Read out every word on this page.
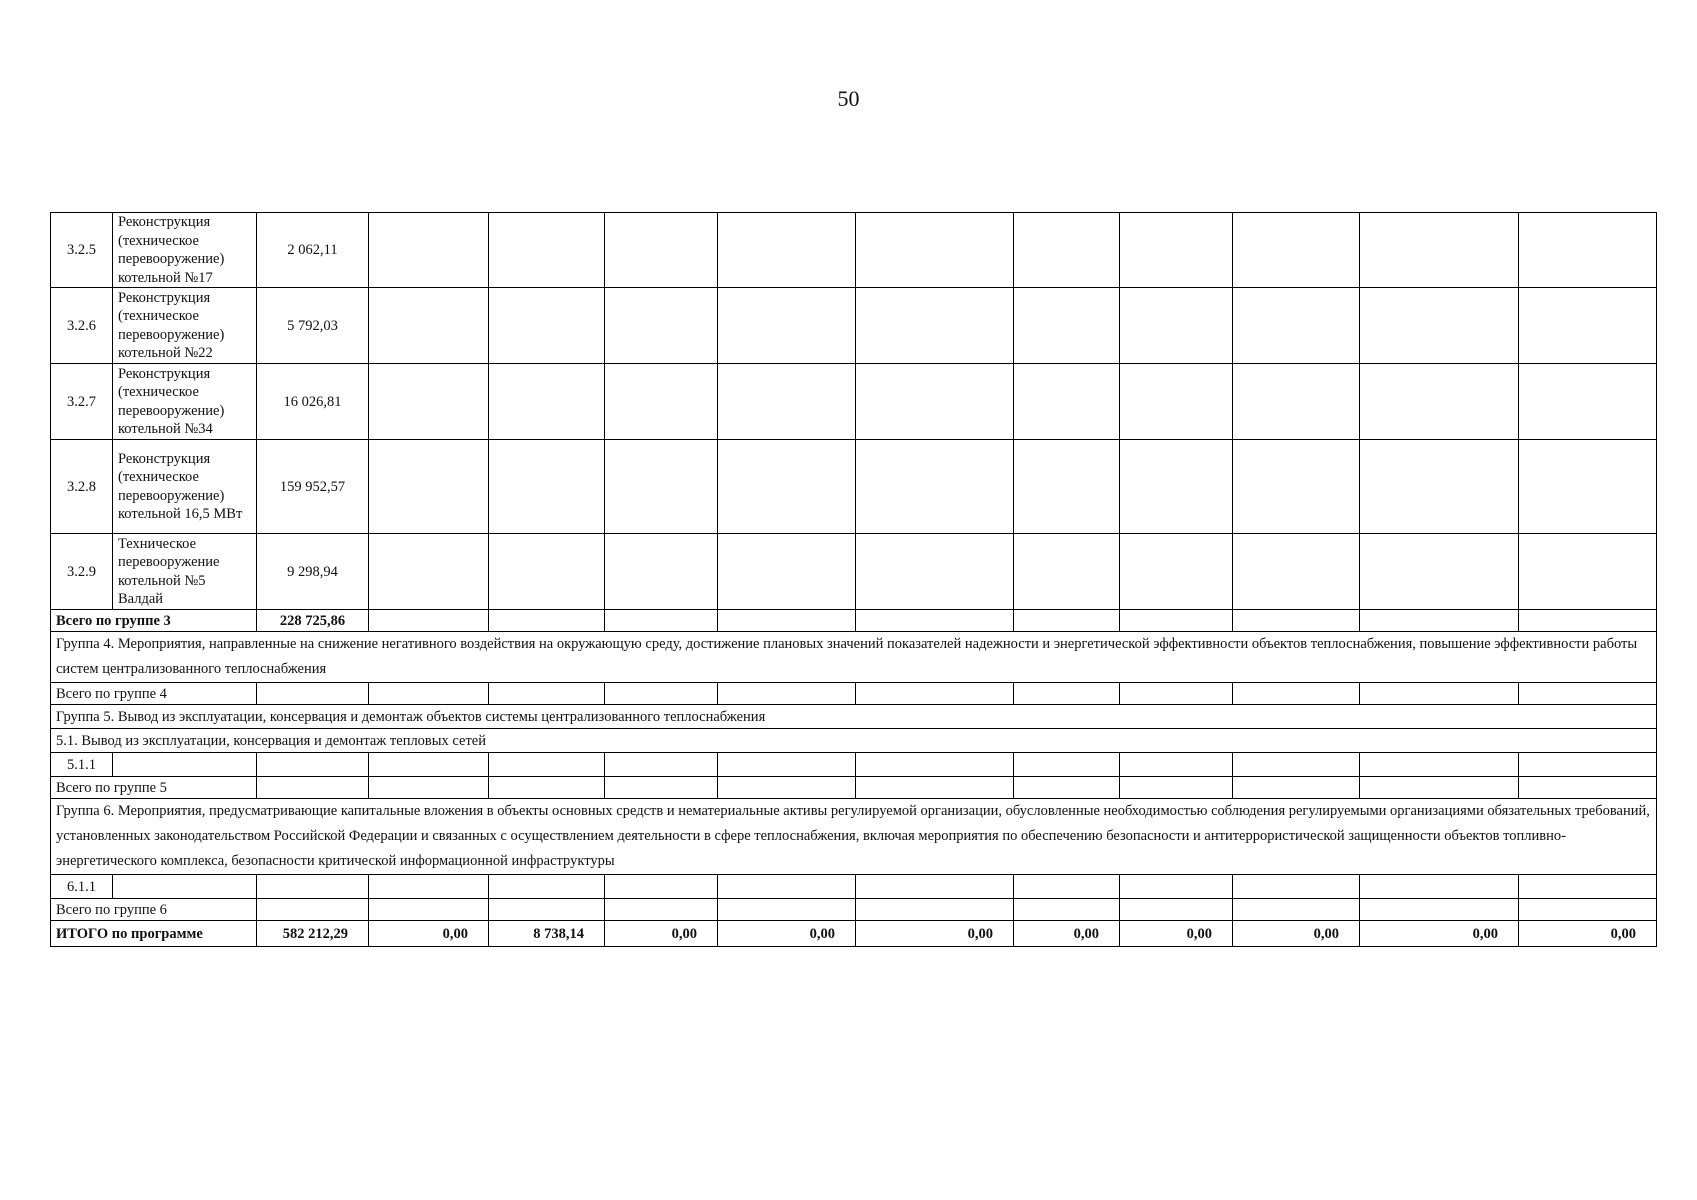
50
3.2.5	Реконструкция (техническое перевооружение) котельной №17	2 062,11										
3.2.6	Реконструкция (техническое перевооружение) котельной №22	5 792,03										
3.2.7	Реконструкция (техническое перевооружение) котельной №34	16 026,81										
3.2.8	Реконструкция (техническое перевооружение) котельной 16,5 МВт	159 952,57										
3.2.9	Техническое перевооружение котельной №5 Валдай	9 298,94										
Всего по группе 3		228 725,86										
Группа 4. Мероприятия, направленные на снижение негативного воздействия на окружающую среду, достижение плановых значений показателей надежности и энергетической эффективности объектов теплоснабжения, повышение эффективности работы систем централизованного теплоснабжения												
Всего по группе 4												
Группа 5. Вывод из эксплуатации, консервация и демонтаж объектов системы централизованного теплоснабжения												
5.1. Вывод из эксплуатации, консервация и демонтаж тепловых сетей												
5.1.1												
Всего по группе 5												
Группа 6. Мероприятия, предусматривающие капитальные вложения в объекты основных средств и нематериальные активы регулируемой организации, обусловленные необходимостью соблюдения регулируемыми организациями обязательных требований, установленных законодательством Российской Федерации и связанных с осуществлением деятельности в сфере теплоснабжения, включая мероприятия по обеспечению безопасности и антитеррористической защищенности объектов топливно-энергетического комплекса, безопасности критической информационной инфраструктуры												
6.1.1												
Всего по группе 6												
ИТОГО по программе		582 212,29	0,00	8 738,14	0,00	0,00	0,00	0,00	0,00	0,00	0,00	0,00
